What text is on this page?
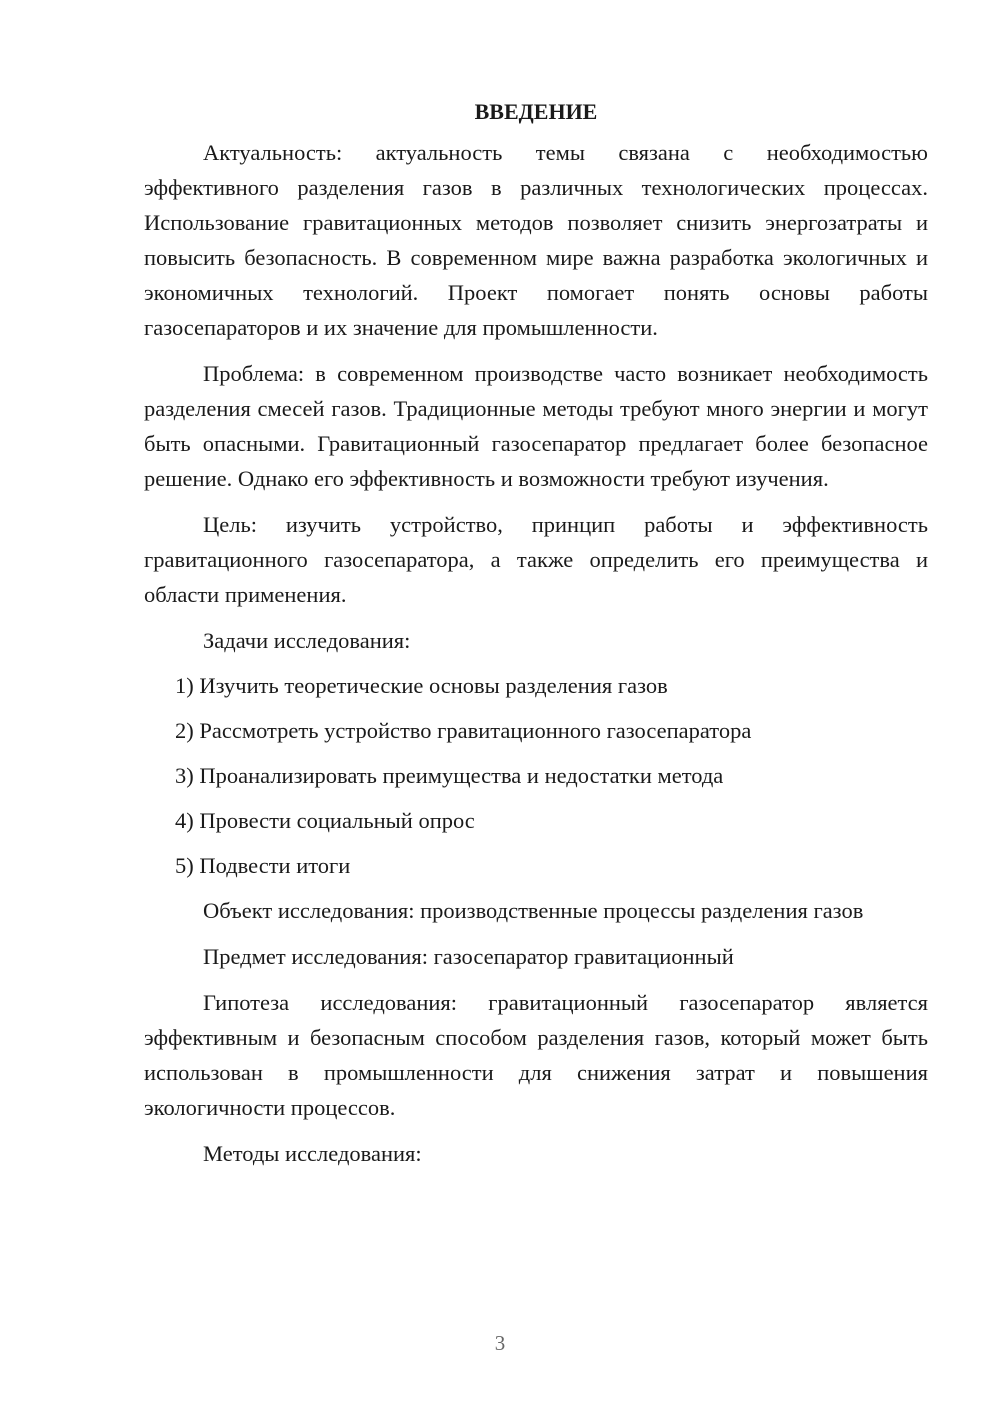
ВВЕДЕНИЕ

Актуальность: актуальность темы связана с необходимостью эффективного разделения газов в различных технологических процессах. Использование гравитационных методов позволяет снизить энергозатраты и повысить безопасность. В современном мире важна разработка экологичных и экономичных технологий. Проект помогает понять основы работы газосепараторов и их значение для промышленности.

Проблема: в современном производстве часто возникает необходимость разделения смесей газов. Традиционные методы требуют много энергии и могут быть опасными. Гравитационный газосепаратор предлагает более безопасное решение. Однако его эффективность и возможности требуют изучения.

Цель: изучить устройство, принцип работы и эффективность гравитационного газосепаратора, а также определить его преимущества и области применения.

Задачи исследования:

1) Изучить теоретические основы разделения газов
2) Рассмотреть устройство гравитационного газосепаратора
3) Проанализировать преимущества и недостатки метода
4) Провести социальный опрос
5) Подвести итоги

Объект исследования: производственные процессы разделения газов

Предмет исследования: газосепаратор гравитационный

Гипотеза исследования: гравитационный газосепаратор является эффективным и безопасным способом разделения газов, который может быть использован в промышленности для снижения затрат и повышения экологичности процессов.

Методы исследования:

3
